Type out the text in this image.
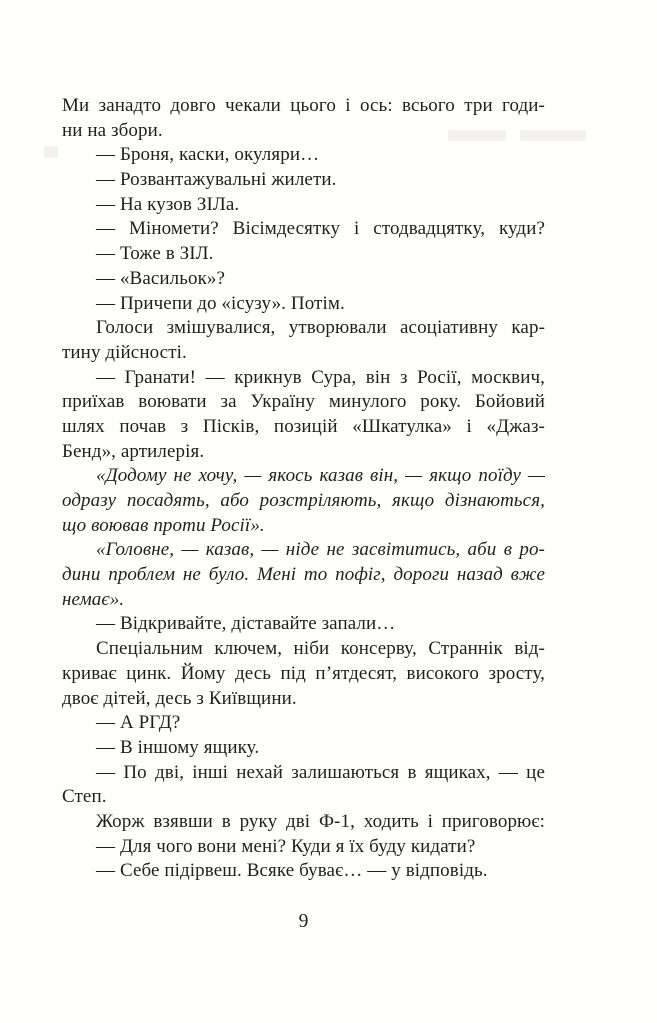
Ми занадто довго чекали цього і ось: всього три годи-
ни на збори.
— Броня, каски, окуляри…
— Розвантажувальні жилети.
— На кузов ЗІЛа.
— Міномети? Вісімдесятку і стодвадцятку, куди?
— Тоже в ЗІЛ.
— «Васильок»?
— Причепи до «ісузу». Потім.
Голоси змішувалися, утворювали асоціативну кар-
тину дійсності.
— Гранати! — крикнув Сура, він з Росії, москвич,
приїхав воювати за Україну минулого року. Бойовий
шлях почав з Пісків, позицій «Шкатулка» і «Джаз-
Бенд», артилерія.
«Додому не хочу, — якось казав він, — якщо поїду —
одразу посадять, або розстріляють, якщо дізнаються,
що воював проти Росії».
«Головне, — казав, — ніде не засвітитись, аби в ро-
дини проблем не було. Мені то пофіг, дороги назад вже
немає».
— Відкривайте, діставайте запали…
Спеціальним ключем, ніби консерву, Страннік від-
криває цинк. Йому десь під п’ятдесят, високого зросту,
двоє дітей, десь з Київщини.
— А РГД?
— В іншому ящику.
— По дві, інші нехай залишаються в ящиках, — це
Степ.
Жорж взявши в руку дві Ф-1, ходить і приговорює:
— Для чого вони мені? Куди я їх буду кидати?
— Себе підірвеш. Всяке буває… — у відповідь.
9
